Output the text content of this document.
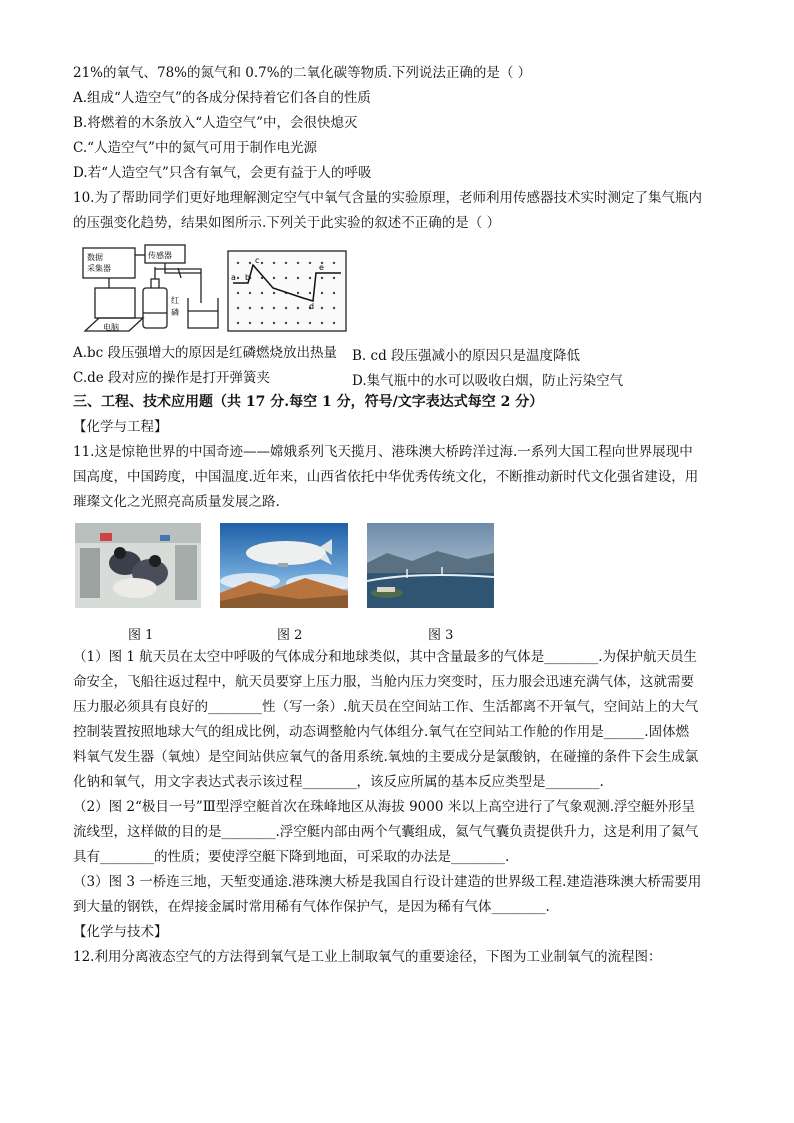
21%的氧气、78%的氮气和 0.7%的二氧化碳等物质.下列说法正确的是（ ）
A.组成“人造空气”的各成分保持着它们各自的性质
B.将燃着的木条放入“人造空气”中，会很快熄灭
C.“人造空气”中的氮气可用于制作电光源
D.若“人造空气”只含有氧气，会更有益于人的呼吸
10.为了帮助同学们更好地理解测定空气中氧气含量的实验原理，老师利用传感器技术实时测定了集气瓶内
的压强变化趋势，结果如图所示.下列关于此实验的叙述不正确的是（ ）
数据
采集器
传感器
电脑
红
磷
a b
c
d
e
A.bc 段压强增大的原因是红磷燃烧放出热量 B. cd 段压强减小的原因只是温度降低
C.de 段对应的操作是打开弹簧夹	D.集气瓶中的水可以吸收白烟，防止污染空气
三、工程、技术应用题（共 17 分.每空 1 分，符号/文字表达式每空 2 分）
【化学与工程】
11.这是惊艳世界的中国奇迹——嫦娥系列飞天揽月、港珠澳大桥跨洋过海.一系列大国工程向世界展现中
国高度，中国跨度，中国温度.近年来，山西省依托中华优秀传统文化，不断推动新时代文化强省建设，用
璀璨文化之光照亮高质量发展之路.
图 1	图 2	图 3
（1）图 1 航天员在太空中呼吸的气体成分和地球类似，其中含量最多的气体是________.为保护航天员生
命安全，飞船往返过程中，航天员要穿上压力服，当舱内压力突变时，压力服会迅速充满气体，这就需要
压力服必须具有良好的________性（写一条）.航天员在空间站工作、生活都离不开氧气，空间站上的大气
控制装置按照地球大气的组成比例，动态调整舱内气体组分.氧气在空间站工作舱的作用是______.固体燃
料氧气发生器（氧烛）是空间站供应氧气的备用系统.氧烛的主要成分是氯酸钠，在碰撞的条件下会生成氯
化钠和氧气，用文字表达式表示该过程________，该反应所属的基本反应类型是________.
（2）图 2“极目一号”Ⅲ型浮空艇首次在珠峰地区从海拔 9000 米以上高空进行了气象观测.浮空艇外形呈
流线型，这样做的目的是________.浮空艇内部由两个气囊组成，氦气气囊负责提供升力，这是利用了氦气
具有________的性质；要使浮空艇下降到地面，可采取的办法是________.
（3）图 3 一桥连三地，天堑变通途.港珠澳大桥是我国自行设计建造的世界级工程.建造港珠澳大桥需要用
到大量的钢铁，在焊接金属时常用稀有气体作保护气，是因为稀有气体________.
【化学与技术】
12.利用分离液态空气的方法得到氧气是工业上制取氧气的重要途径，下图为工业制氧气的流程图：
